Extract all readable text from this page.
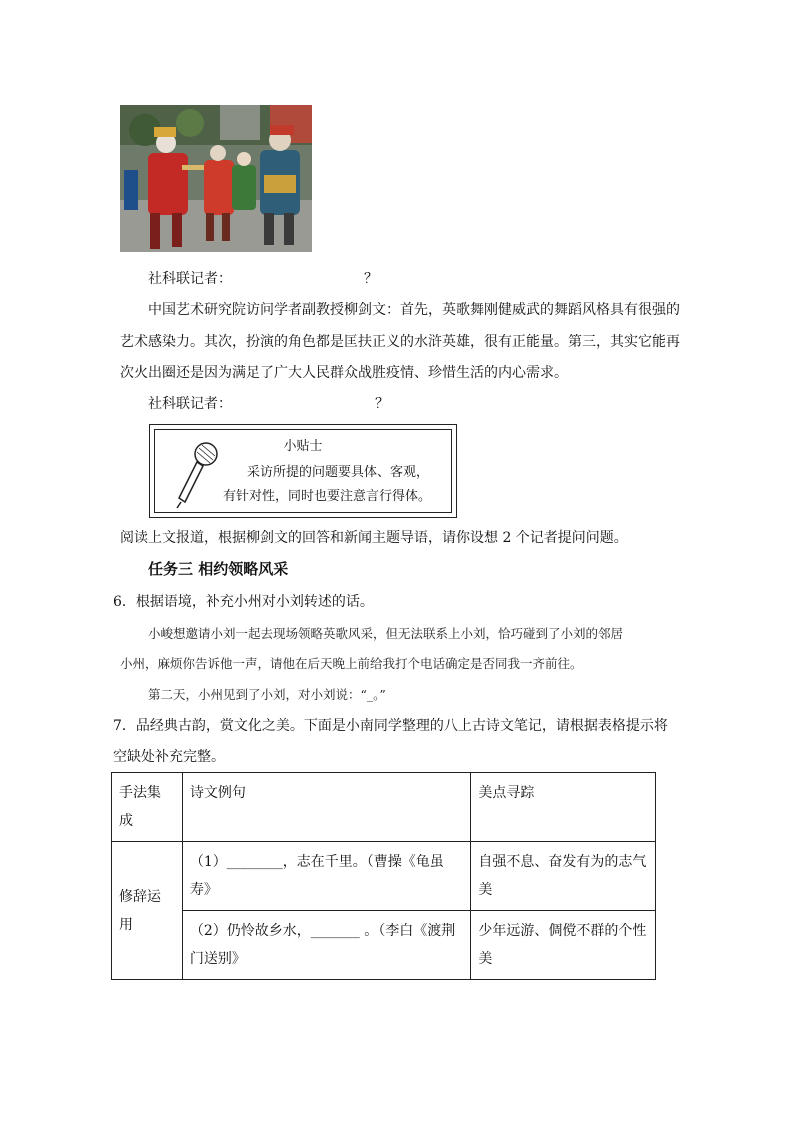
社科联记者：	？
中国艺术研究院访问学者副教授柳剑文：首先，英歌舞刚健威武的舞蹈风格具有很强的
艺术感染力。其次，扮演的角色都是匡扶正义的水浒英雄，很有正能量。第三，其实它能再
次火出圈还是因为满足了广大人民群众战胜疫情、珍惜生活的内心需求。
社科联记者：	？
小贴士
采访所提的问题要具体、客观，
有针对性，同时也要注意言行得体。
阅读上文报道，根据柳剑文的回答和新闻主题导语，请你设想 2 个记者提问问题。
任务三 相约领略风采
6．根据语境，补充小州对小刘转述的话。
小峻想邀请小刘一起去现场领略英歌风采，但无法联系上小刘，恰巧碰到了小刘的邻居
小州，麻烦你告诉他一声，请他在后天晚上前给我打个电话确定是否同我一齐前往。
第二天，小州见到了小刘，对小刘说：“_。”
7．品经典古韵，赏文化之美。下面是小南同学整理的八上古诗文笔记，请根据表格提示将
空缺处补充完整。
手法集成	诗文例句	美点寻踪
修辞运用	（1）________，志在千里。（曹操《龟虽寿》	自强不息、奋发有为的志气美
	（2）仍怜故乡水，_______ 。（李白《渡荆门送别》	少年远游、倜傥不群的个性美
